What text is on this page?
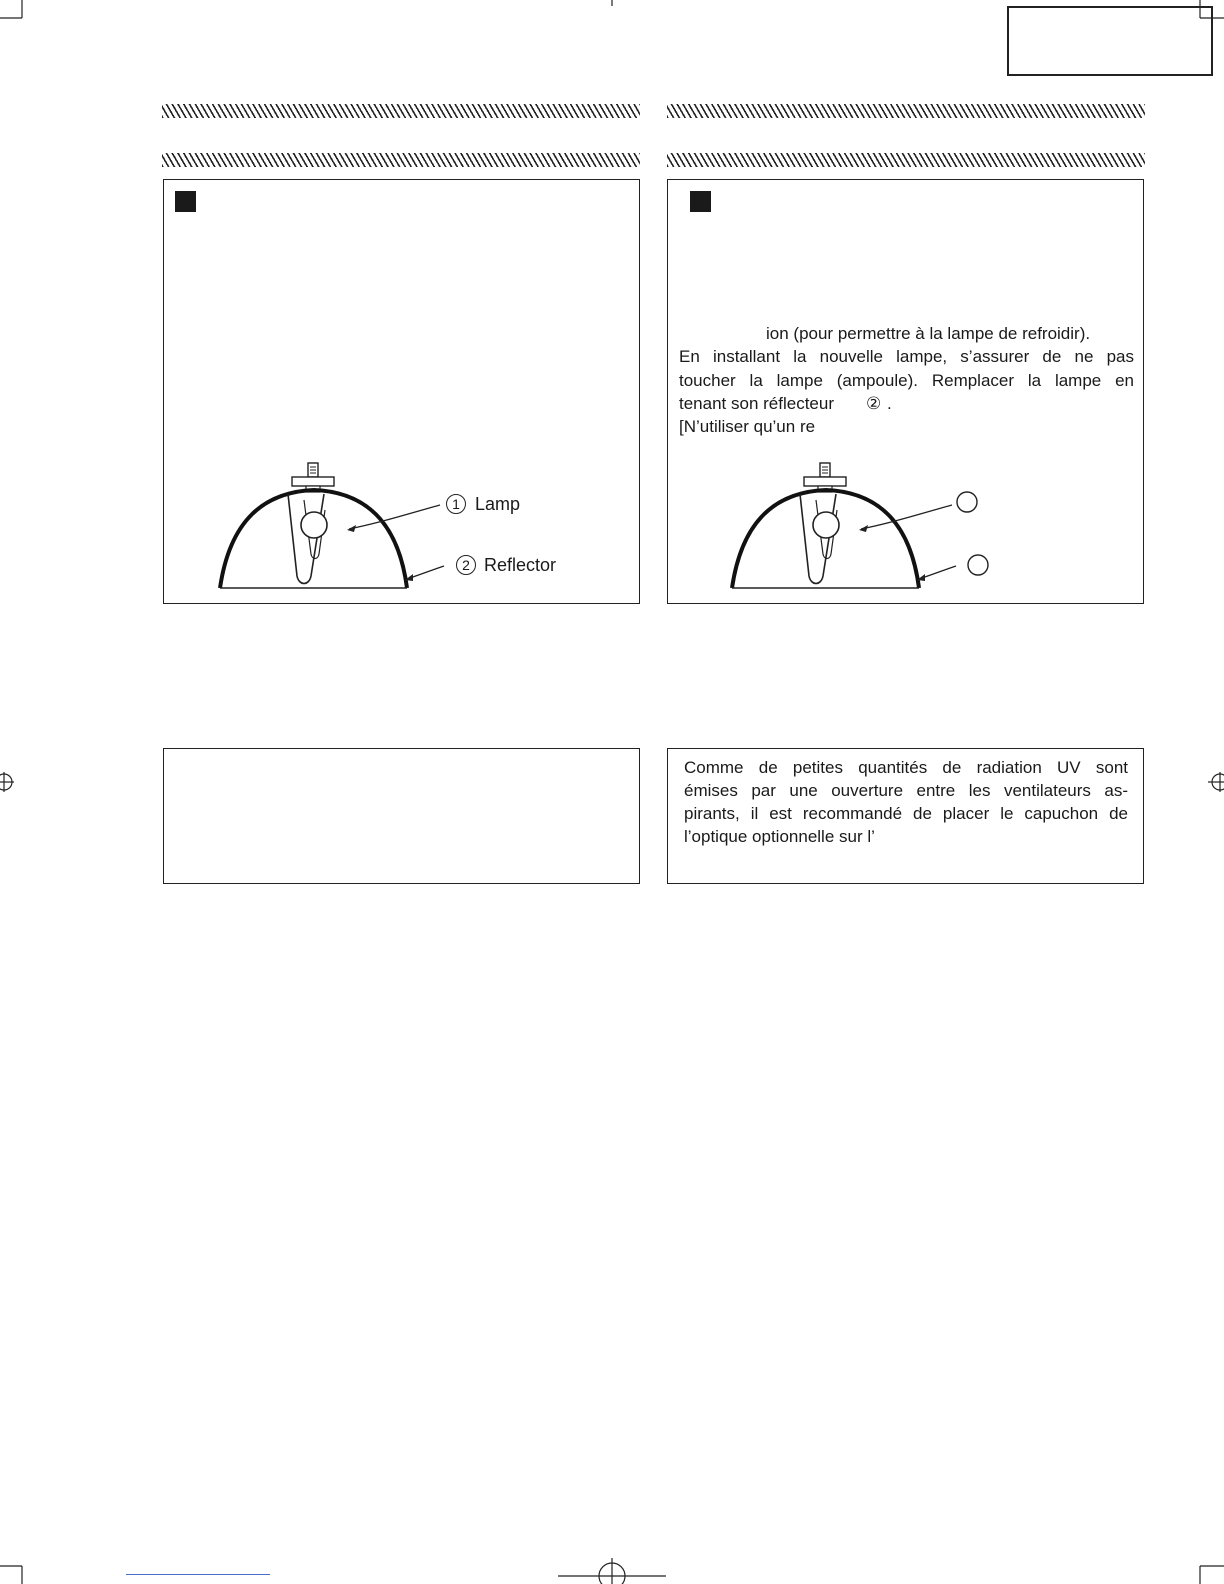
1 Lamp
2 Reflector
ion (pour permettre à la lampe de refroidir).
En installant la nouvelle lampe, s’assurer de ne pas
toucher la lampe (ampoule). Remplacer la lampe en
tenant son réflecteur ② .
[N’utiliser qu’un re
Comme de petites quantités de radiation UV sont
émises par une ouverture entre les ventilateurs as-
pirants, il est recommandé de placer le capuchon de
l’optique optionnelle sur l’
